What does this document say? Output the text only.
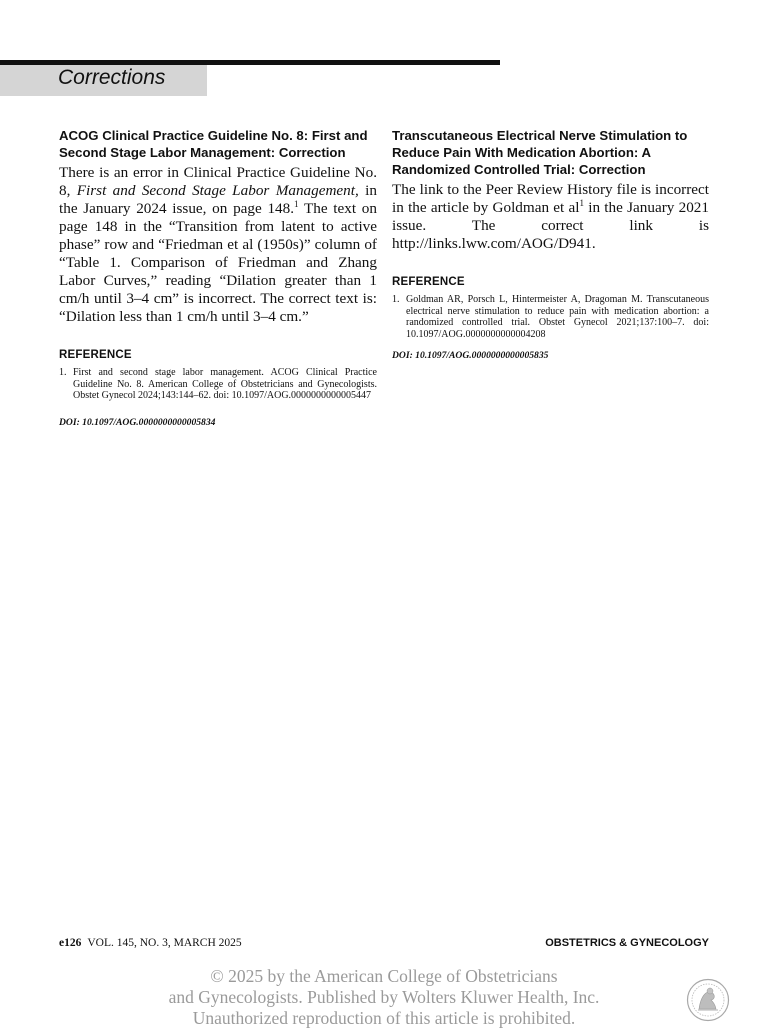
Corrections
ACOG Clinical Practice Guideline No. 8: First and Second Stage Labor Management: Correction

There is an error in Clinical Practice Guideline No. 8, First and Second Stage Labor Management, in the January 2024 issue, on page 148.$^1$ The text on page 148 in the “Transition from latent to active phase” row and “Friedman et al (1950s)” column of “Table 1. Comparison of Friedman and Zhang Labor Curves,” reading “Dilation greater than 1 cm/h until 3–4 cm” is incorrect. The correct text is: “Dilation less than 1 cm/h until 3–4 cm.”

REFERENCE
1. First and second stage labor management. ACOG Clinical Practice Guideline No. 8. American College of Obstetricians and Gynecologists. Obstet Gynecol 2024;143:144–62. doi: 10.1097/AOG.0000000000005447

DOI: 10.1097/AOG.0000000000005834

Transcutaneous Electrical Nerve Stimulation to Reduce Pain With Medication Abortion: A Randomized Controlled Trial: Correction

The link to the Peer Review History file is incorrect in the article by Goldman et $al^1$ in the January 2021 issue. The correct link is http://links.lww.com/AOG/D941.

REFERENCE
1. Goldman AR, Porsch L, Hintermeister A, Dragoman M. Transcutaneous electrical nerve stimulation to reduce pain with medication abortion: a randomized controlled trial. Obstet Gynecol 2021;137:100–7. doi: 10.1097/AOG.0000000000004208

DOI: 10.1097/AOG.0000000000005835

e126 VOL. 145, NO. 3, MARCH 2025	OBSTETRICS & GYNECOLOGY
© 2025 by the American College of Obstetricians
and Gynecologists. Published by Wolters Kluwer Health, Inc.
Unauthorized reproduction of this article is prohibited.
